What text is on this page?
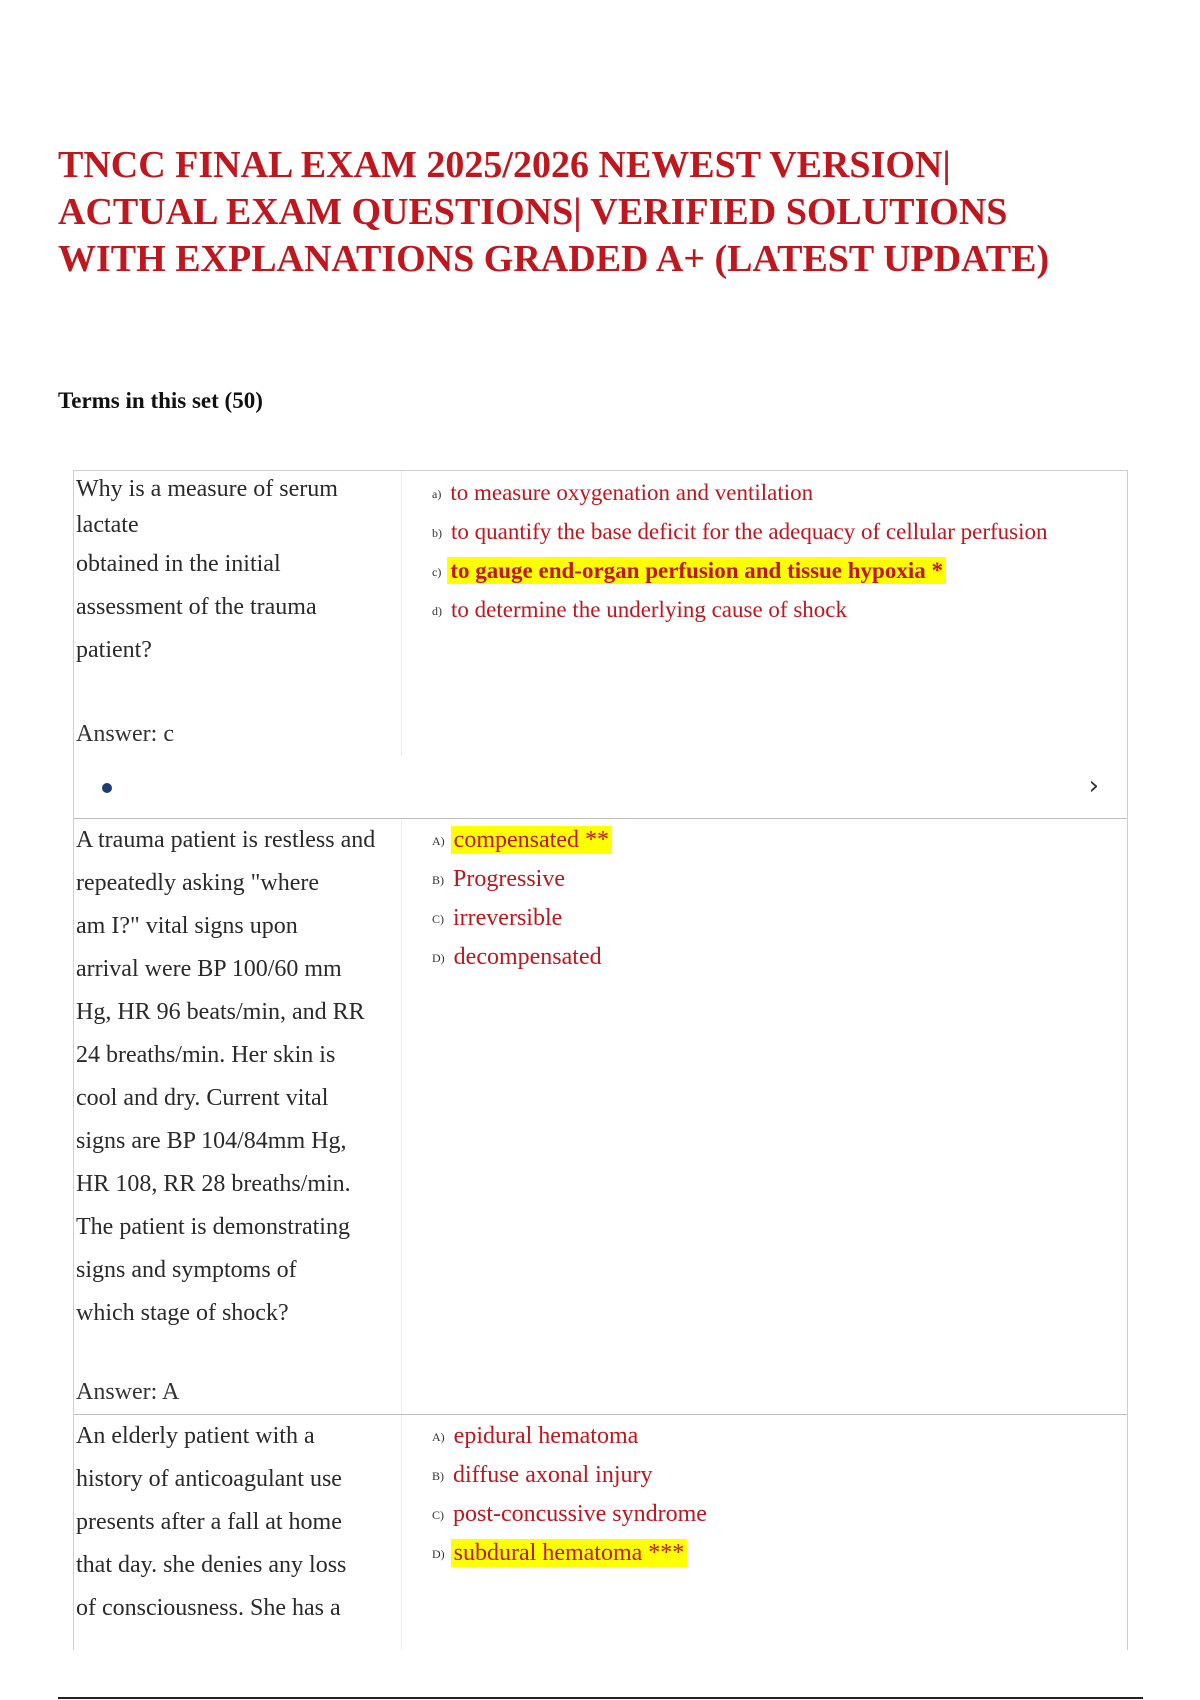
TNCC FINAL EXAM 2025/2026 NEWEST VERSION|
ACTUAL EXAM QUESTIONS| VERIFIED SOLUTIONS
WITH EXPLANATIONS GRADED A+ (LATEST UPDATE)

Terms in this set (50)

Why is a measure of serum
lactate
obtained in the initial
assessment of the trauma
patient?
Answer: c
a) to measure oxygenation and ventilation
b) to quantify the base deficit for the adequacy of cellular perfusion
c) to gauge end-organ perfusion and tissue hypoxia *
d) to determine the underlying cause of shock
›
A trauma patient is restless and
repeatedly asking "where
am I?" vital signs upon
arrival were BP 100/60 mm
Hg, HR 96 beats/min, and RR
24 breaths/min. Her skin is
cool and dry. Current vital
signs are BP 104/84mm Hg,
HR 108, RR 28 breaths/min.
The patient is demonstrating
signs and symptoms of
which stage of shock?
Answer: A
A) compensated **
B) Progressive
C) irreversible
D) decompensated
An elderly patient with a
history of anticoagulant use
presents after a fall at home
that day. she denies any loss
of consciousness. She has a
A) epidural hematoma
B) diffuse axonal injury
C) post-concussive syndrome
D) subdural hematoma ***
